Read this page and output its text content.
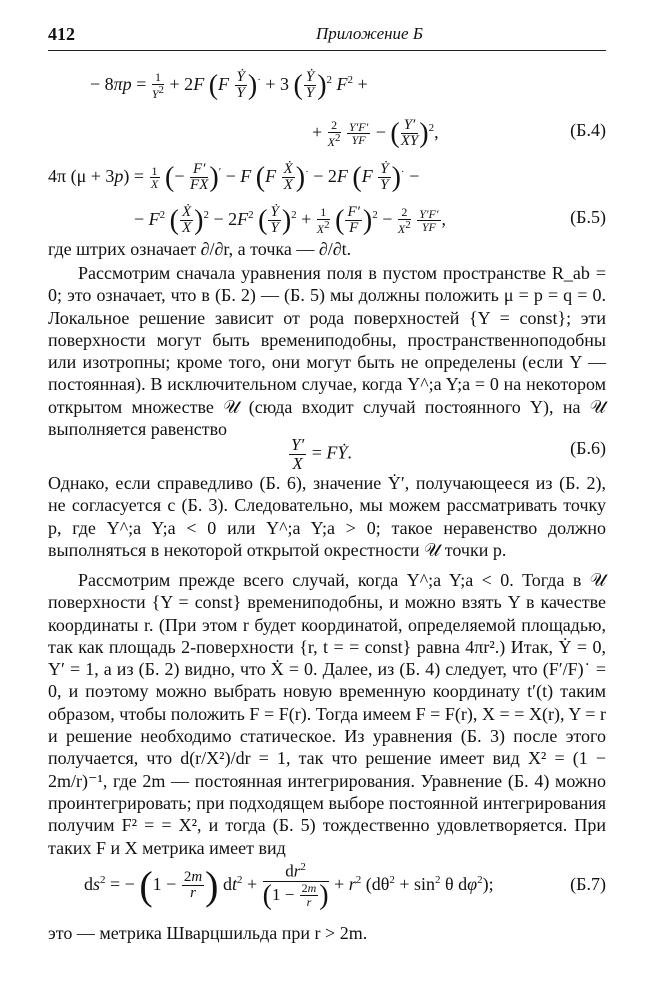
412	Приложение Б
− $8\pi p = \frac{1}{Y^2} + 2F$ $(F \frac{\text{Ẏ}}{Y} )^\cdot + 3$ ( $\frac{\text{Ẏ}}{Y} )^2$ $F^2$ +
+ $\frac{2}{X^2}$
$\frac{Y'F'}{YF}$ − ( $\frac{Y'}{XY} )^2$,	(Б.4)
4π $(\mu + 3p) = \frac{1}{X}$ (− $\frac{F'}{FX} )' - F$ $(F \frac{\text{Ẋ}}{X} )^\cdot - 2F$ $(F \frac{\text{Ẏ}}{Y} )^\cdot$ −
− $F^2$ ( $\frac{\text{Ẋ}}{X} )^2 - 2F^2$ ( $\frac{\text{Ẏ}}{Y} )^2 + \frac{1}{X^2}$ ( $\frac{F'}{F} )^2 - \frac{2}{X^2}$
$\frac{Y'F'}{YF}$ ,	(Б.5)
где штрих означает ∂/∂r, а точка — ∂/∂t.
Рассмотрим сначала уравнения поля в пустом пространстве R_ab = 0; это означает, что в (Б. 2) — (Б. 5) мы должны положить μ = p = q = 0. Локальное решение зависит от рода поверхностей {Y = const}; эти поверхности могут быть времениподобны, пространственноподобны или изотропны; кроме того, они могут быть не определены (если Y — постоянная). В исключительном случае, когда Y^;a Y;a = 0 на некотором открытом множестве 𝒰 (сюда входит случай постоянного Y), на 𝒰 выполняется равенство
$\frac{Y'}{X}$ = FẎ.	(Б.6)
Однако, если справедливо (Б. 6), значение Ẏ′, получающееся из (Б. 2), не согласуется с (Б. 3). Следовательно, мы можем рассматривать точку p, где Y^;a Y;a < 0 или Y^;a Y;a > 0; такое неравенство должно выполняться в некоторой открытой окрестности 𝒰 точки p.
Рассмотрим прежде всего случай, когда Y^;a Y;a < 0. Тогда в 𝒰 поверхности {Y = const} времениподобны, и можно взять Y в качестве координаты r. (При этом r будет координатой, определяемой площадью, так как площадь 2-поверхности {r, t = = const} равна 4πr².) Итак, Ẏ = 0, Y′ = 1, а из (Б. 2) видно, что Ẋ = 0. Далее, из (Б. 4) следует, что (F′/F)˙ = 0, и поэтому можно выбрать новую временную координату t′(t) таким образом, чтобы положить F = F(r). Тогда имеем F = F(r), X = = X(r), Y = r и решение необходимо статическое. Из уравнения (Б. 3) после этого получается, что d(r/X²)/dr = 1, так что решение имеет вид X² = (1 − 2m/r)⁻¹, где 2m — постоянная интегрирования. Уравнение (Б. 4) можно проинтегрировать; при подходящем выборе постоянной интегрирования получим F² = = X², и тогда (Б. 5) тождественно удовлетворяется. При таких F и X метрика имеет вид
$ds^2$ = − ($1 - \frac{2m}{r}$ ) $dt^2 + \frac{dr^2}{(1 - \frac{2m}{r} )} + r^2$ ($d\theta^2 + \sin^2 \theta$ $d\varphi^2$);	(Б.7)
это — метрика Шварцшильда при r > 2m.
